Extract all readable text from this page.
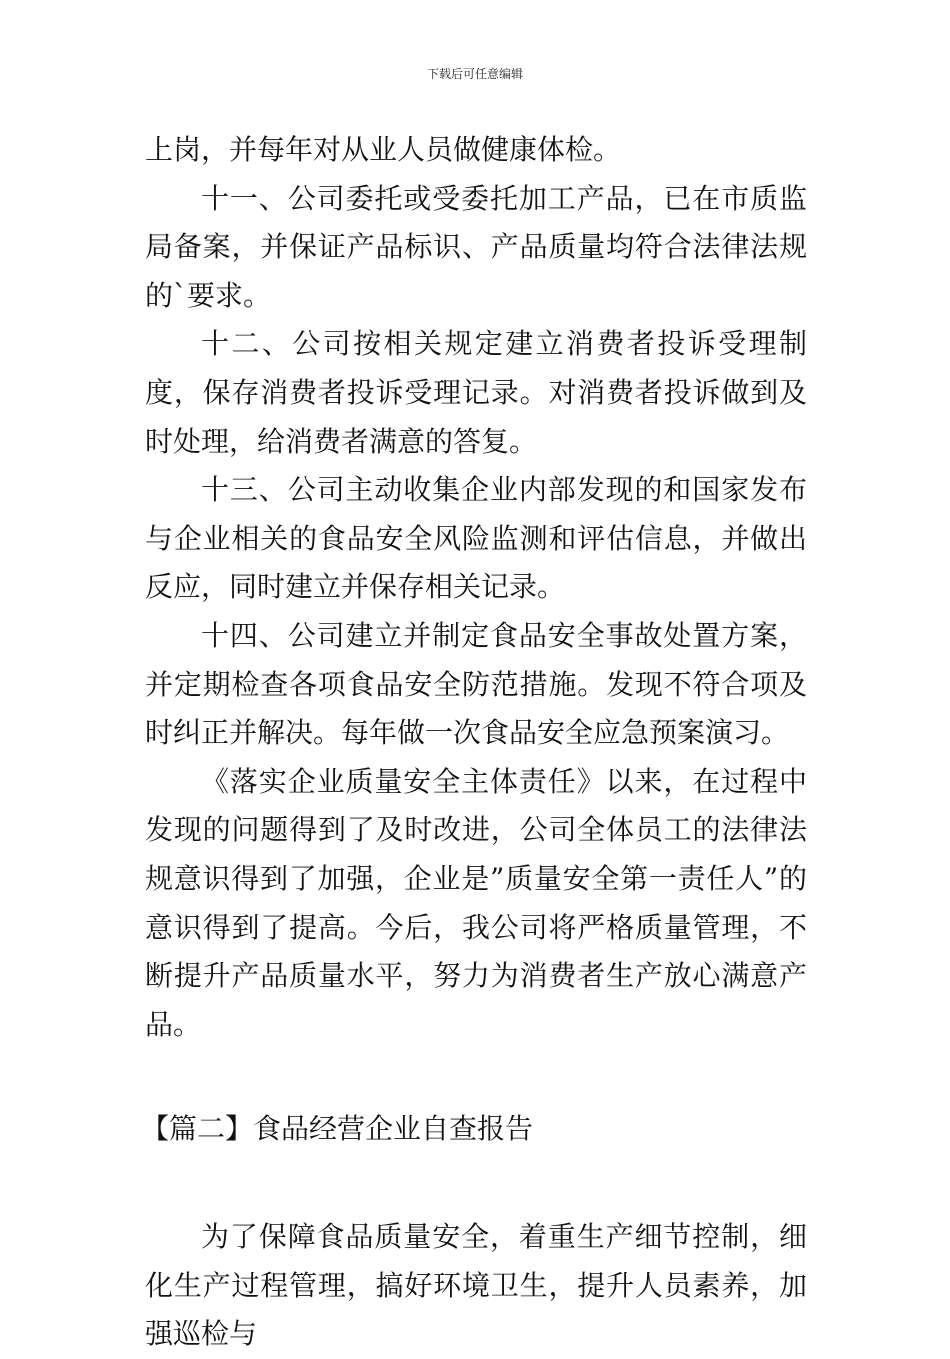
下载后可任意编辑

上岗，并每年对从业人员做健康体检。

十一、公司委托或受委托加工产品，已在市质监局备案，并保证产品标识、产品质量均符合法律法规的`要求。

十二、公司按相关规定建立消费者投诉受理制度，保存消费者投诉受理记录。对消费者投诉做到及时处理，给消费者满意的答复。

十三、公司主动收集企业内部发现的和国家发布与企业相关的食品安全风险监测和评估信息，并做出反应，同时建立并保存相关记录。

十四、公司建立并制定食品安全事故处置方案，并定期检查各项食品安全防范措施。发现不符合项及时纠正并解决。每年做一次食品安全应急预案演习。

《落实企业质量安全主体责任》以来，在过程中发现的问题得到了及时改进，公司全体员工的法律法规意识得到了加强，企业是”质量安全第一责任人”的意识得到了提高。今后，我公司将严格质量管理，不断提升产品质量水平，努力为消费者生产放心满意产品。

【篇二】食品经营企业自查报告

为了保障食品质量安全，着重生产细节控制，细化生产过程管理，搞好环境卫生，提升人员素养，加强巡检与
